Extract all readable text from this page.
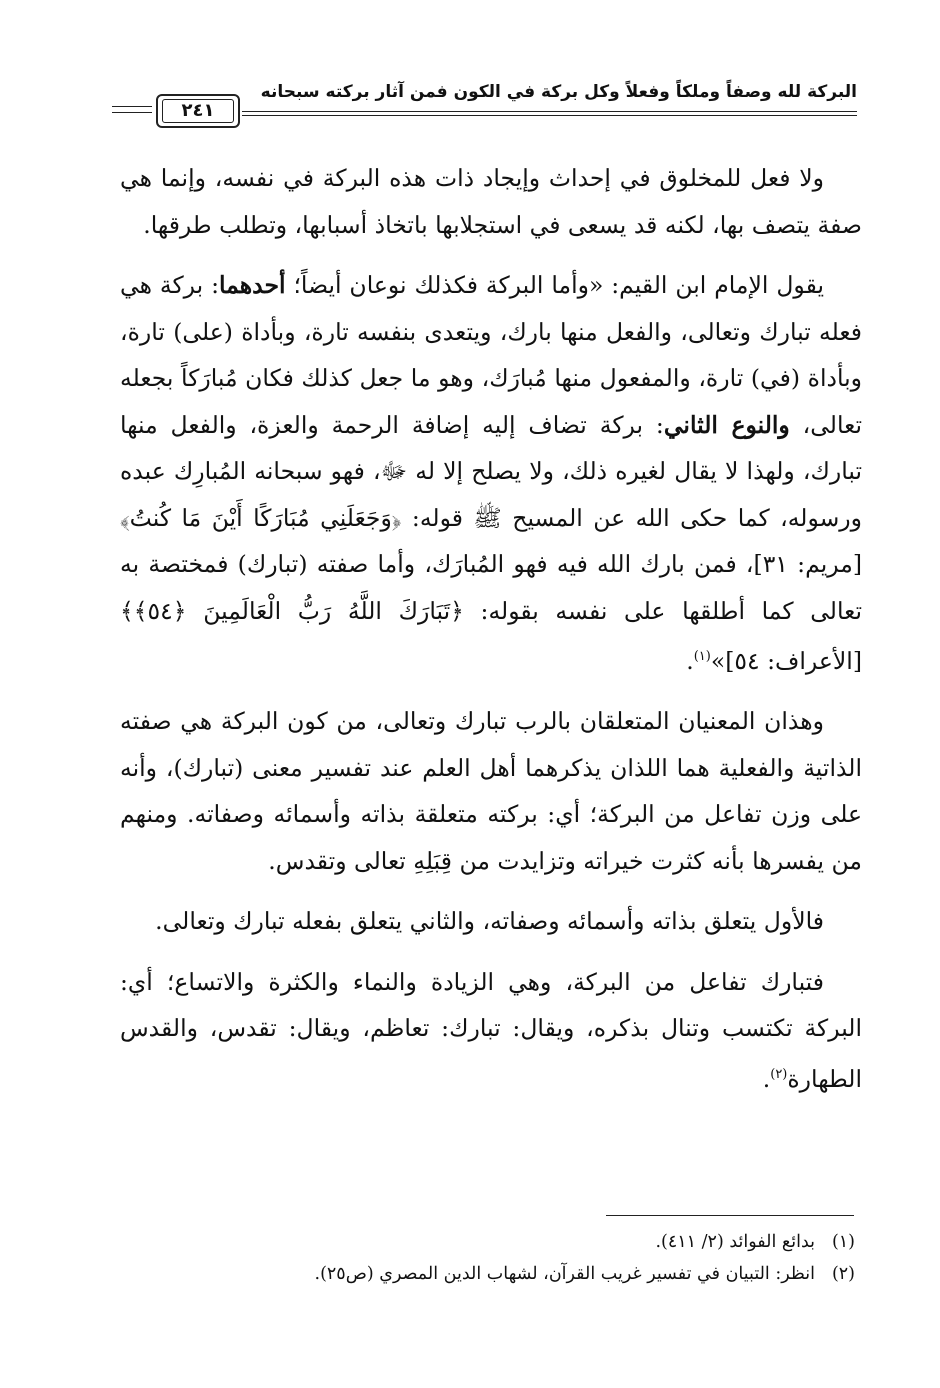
البركة لله وصفاً وملكاً وفعلاً وكل بركة في الكون فمن آثار بركته سبحانه
٢٤١

ولا فعل للمخلوق في إحداث وإيجاد ذات هذه البركة في نفسه، وإنما هي صفة يتصف بها، لكنه قد يسعى في استجلابها باتخاذ أسبابها، وتطلب طرقها.

يقول الإمام ابن القيم: «وأما البركة فكذلك نوعان أيضاً؛ أحدهما: بركة هي فعله تبارك وتعالى، والفعل منها بارك، ويتعدى بنفسه تارة، وبأداة (على) تارة، وبأداة (في) تارة، والمفعول منها مُبارَك، وهو ما جعل كذلك فكان مُبارَكاً بجعله تعالى، والنوع الثاني: بركة تضاف إليه إضافة الرحمة والعزة، والفعل منها تبارك، ولهذا لا يقال لغيره ذلك، ولا يصلح إلا له ﷻ، فهو سبحانه المُبارِك عبده ورسوله، كما حكى الله عن المسيح ﷺ قوله: ﴿وَجَعَلَنِي مُبَارَكًا أَيْنَ مَا كُنتُ﴾ [مريم: ٣١]، فمن بارك الله فيه فهو المُبارَك، وأما صفته (تبارك) فمختصة به تعالى كما أطلقها على نفسه بقوله: ﴿تَبَارَكَ اللَّهُ رَبُّ الْعَالَمِينَ ﴿٥٤﴾﴾ [الأعراف: ٥٤]»$^{(١)}$.

وهذان المعنيان المتعلقان بالرب تبارك وتعالى، من كون البركة هي صفته الذاتية والفعلية هما اللذان يذكرهما أهل العلم عند تفسير معنى (تبارك)، وأنه على وزن تفاعل من البركة؛ أي: بركته متعلقة بذاته وأسمائه وصفاته. ومنهم من يفسرها بأنه كثرت خيراته وتزايدت من قِبَلِهِ تعالى وتقدس.

فالأول يتعلق بذاته وأسمائه وصفاته، والثاني يتعلق بفعله تبارك وتعالى.

فتبارك تفاعل من البركة، وهي الزيادة والنماء والكثرة والاتساع؛ أي: البركة تكتسب وتنال بذكره، ويقال: تبارك: تعاظم، ويقال: تقدس، والقدس الطهارة$^{(٢)}$.

(١)بدائع الفوائد (٢/ ٤١١).
(٢)انظر: التبيان في تفسير غريب القرآن، لشهاب الدين المصري (ص٢٥).
